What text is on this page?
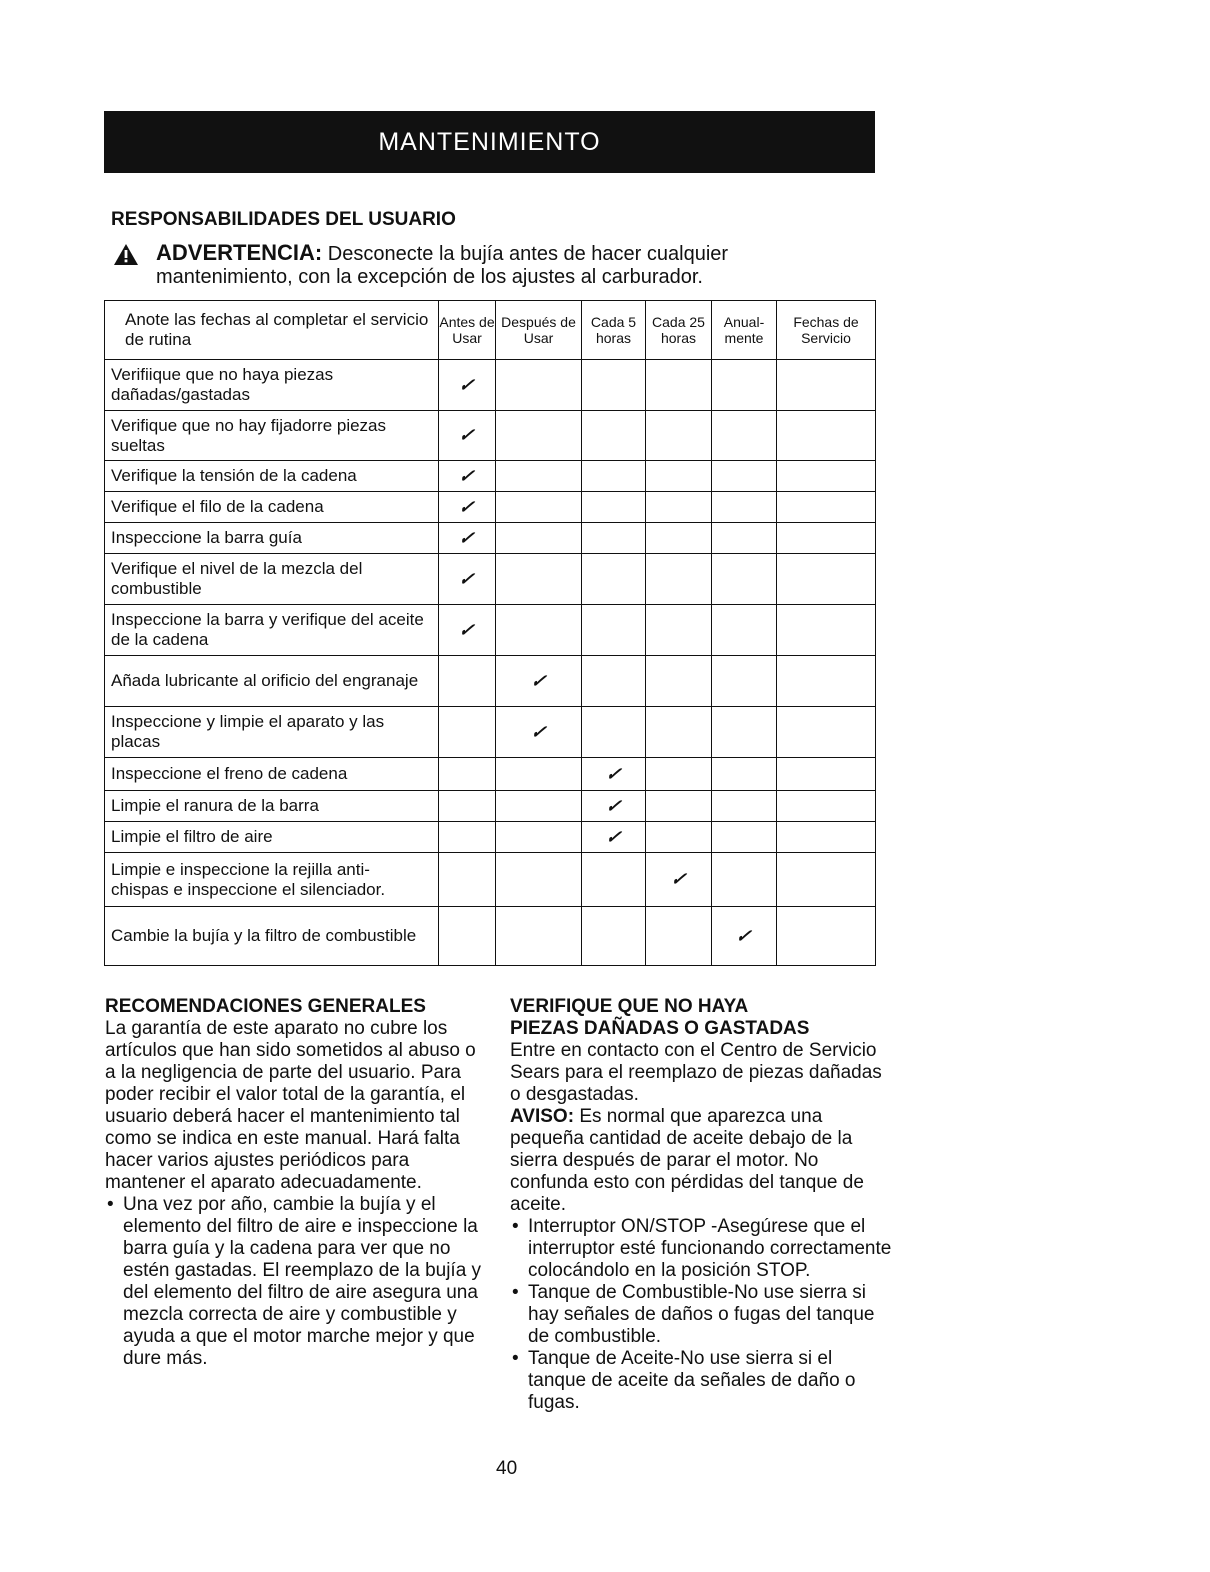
MANTENIMIENTO
RESPONSABILIDADES DEL USUARIO
ADVERTENCIA: Desconecte la bujía antes de hacer cualquier
mantenimiento, con la excepción de los ajustes al carburador.
Anote las fechas al completar el servicio de rutina	Antes de Usar	Después de Usar	Cada 5 horas	Cada 25 horas	Anual- mente	Fechas de Servicio
Verifiique que no haya piezas dañadas/gastadas	✓					
Verifique que no hay fijadorre piezas sueltas	✓					
Verifique la tensión de la cadena	✓					
Verifique el filo de la cadena	✓					
Inspeccione la barra guía	✓					
Verifique el nivel de la mezcla del combustible	✓					
Inspeccione la barra y verifique del aceite de la cadena	✓					
Añada lubricante al orificio del engranaje		✓				
Inspeccione y limpie el aparato y las placas		✓				
Inspeccione el freno de cadena			✓			
Limpie el ranura de la barra			✓			
Limpie el filtro de aire			✓			
Limpie e inspeccione la rejilla anti- chispas e inspeccione el silenciador.				✓		
Cambie la bujía y la filtro de combustible					✓	
RECOMENDACIONES GENERALES

La garantía de este aparato no cubre los artículos que han sido sometidos al abuso o a la negligencia de parte del usuario. Para poder recibir el valor total de la garantía, el usuario deberá hacer el mantenimiento tal como se indica en este manual. Hará falta hacer varios ajustes periódicos para mantener el aparato adecuadamente.

• Una vez por año, cambie la bujía y el elemento del filtro de aire e inspeccione la barra guía y la cadena para ver que no estén gastadas. El reemplazo de la bujía y del elemento del filtro de aire asegura una mezcla correcta de aire y combustible y ayuda a que el motor marche mejor y que dure más.
VERIFIQUE QUE NO HAYA
PIEZAS DAÑADAS O GASTADAS

Entre en contacto con el Centro de Servicio Sears para el reemplazo de piezas dañadas o desgastadas.

AVISO: Es normal que aparezca una pequeña cantidad de aceite debajo de la sierra después de parar el motor. No confunda esto con pérdidas del tanque de aceite.

• Interruptor ON/STOP -Asegúrese que el interruptor esté funcionando correctamente colocándolo en la posición STOP.
• Tanque de Combustible-No use sierra si hay señales de daños o fugas del tanque de combustible.
• Tanque de Aceite-No use sierra si el tanque de aceite da señales de daño o fugas.
40
